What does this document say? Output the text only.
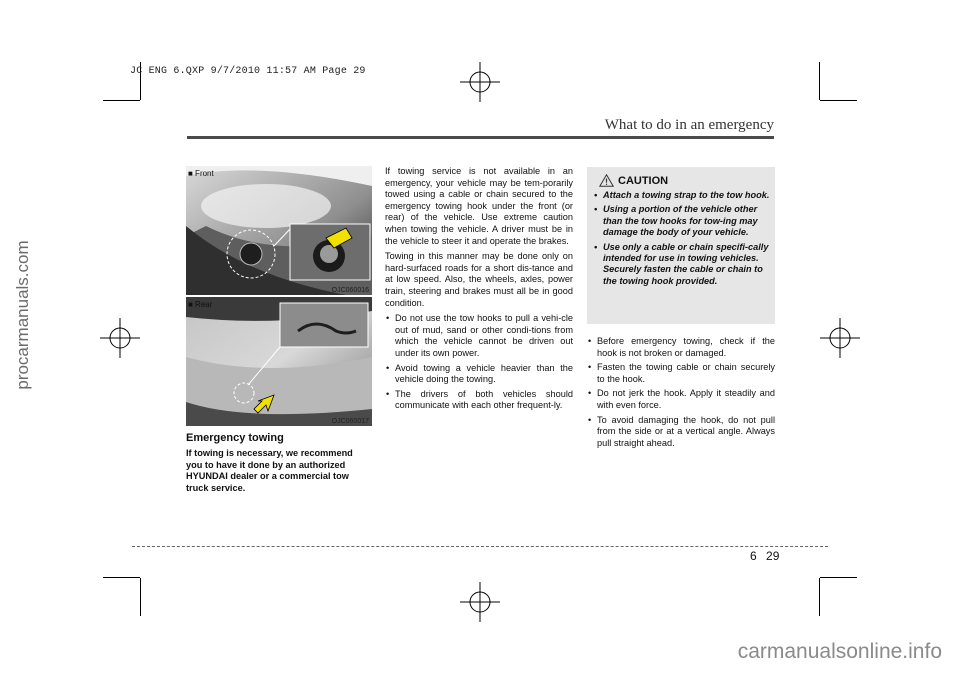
JC ENG 6.QXP 9/7/2010 11:57 AM Page 29
procarmanuals.com
carmanualsonline.info
What to do in an emergency
■ Front
OJC060016
■ Rear
OJC060017
Emergency towing
If towing is necessary, we recommend you to have it done by an authorized HYUNDAI dealer or a commercial tow truck service.

If towing service is not available in an emergency, your vehicle may be tem-porarily towed using a cable or chain secured to the emergency towing hook under the front (or rear) of the vehicle. Use extreme caution when towing the vehicle. A driver must be in the vehicle to steer it and operate the brakes.

Towing in this manner may be done only on hard-surfaced roads for a short dis-tance and at low speed. Also, the wheels, axles, power train, steering and brakes must all be in good condition.

• Do not use the tow hooks to pull a vehi-cle out of mud, sand or other condi-tions from which the vehicle cannot be driven out under its own power.
• Avoid towing a vehicle heavier than the vehicle doing the towing.
• The drivers of both vehicles should communicate with each other frequent-ly.
CAUTION
• Attach a towing strap to the tow hook.
• Using a portion of the vehicle other than the tow hooks for tow-ing may damage the body of your vehicle.
• Use only a cable or chain specifi-cally intended for use in towing vehicles. Securely fasten the cable or chain to the towing hook provided.
• Before emergency towing, check if the hook is not broken or damaged.
• Fasten the towing cable or chain securely to the hook.
• Do not jerk the hook. Apply it steadily and with even force.
• To avoid damaging the hook, do not pull from the side or at a vertical angle. Always pull straight ahead.
6 29
